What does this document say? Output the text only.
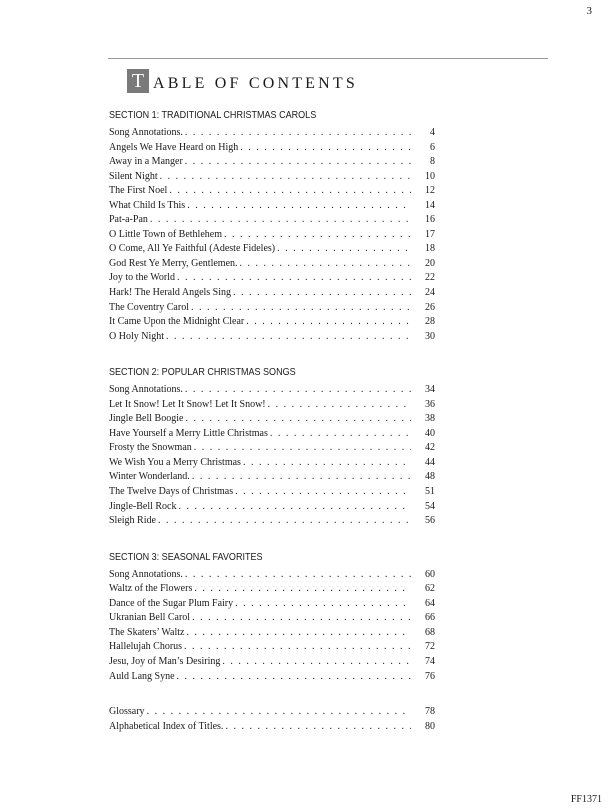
3
T ABLE OF CONTENTS
SECTION 1: TRADITIONAL CHRISTMAS CAROLS
Song Annotations. . . .	4
Angels We Have Heard on High . . .	6
Away in a Manger . . .	8
Silent Night . . .	10
The First Noel . . .	12
What Child Is This . . .	14
Pat-a-Pan . . .	16
O Little Town of Bethlehem . . .	17
O Come, All Ye Faithful (Adeste Fideles) . . .	18
God Rest Ye Merry, Gentlemen. . . .	20
Joy to the World . . .	22
Hark! The Herald Angels Sing . . .	24
The Coventry Carol . . .	26
It Came Upon the Midnight Clear . . .	28
O Holy Night . . .	30
SECTION 2: POPULAR CHRISTMAS SONGS
Song Annotations. . . .	34
Let It Snow! Let It Snow! Let It Snow! . . .	36
Jingle Bell Boogie . . .	38
Have Yourself a Merry Little Christmas . . .	40
Frosty the Snowman . . .	42
We Wish You a Merry Christmas . . .	44
Winter Wonderland. . . .	48
The Twelve Days of Christmas . . .	51
Jingle-Bell Rock . . .	54
Sleigh Ride . . .	56
SECTION 3: SEASONAL FAVORITES
Song Annotations. . . .	60
Waltz of the Flowers . . .	62
Dance of the Sugar Plum Fairy . . .	64
Ukranian Bell Carol . . .	66
The Skaters’ Waltz . . .	68
Hallelujah Chorus . . .	72
Jesu, Joy of Man’s Desiring . . .	74
Auld Lang Syne . . .	76
Glossary . . .	78
Alphabetical Index of Titles. . . .	80
FF1371
